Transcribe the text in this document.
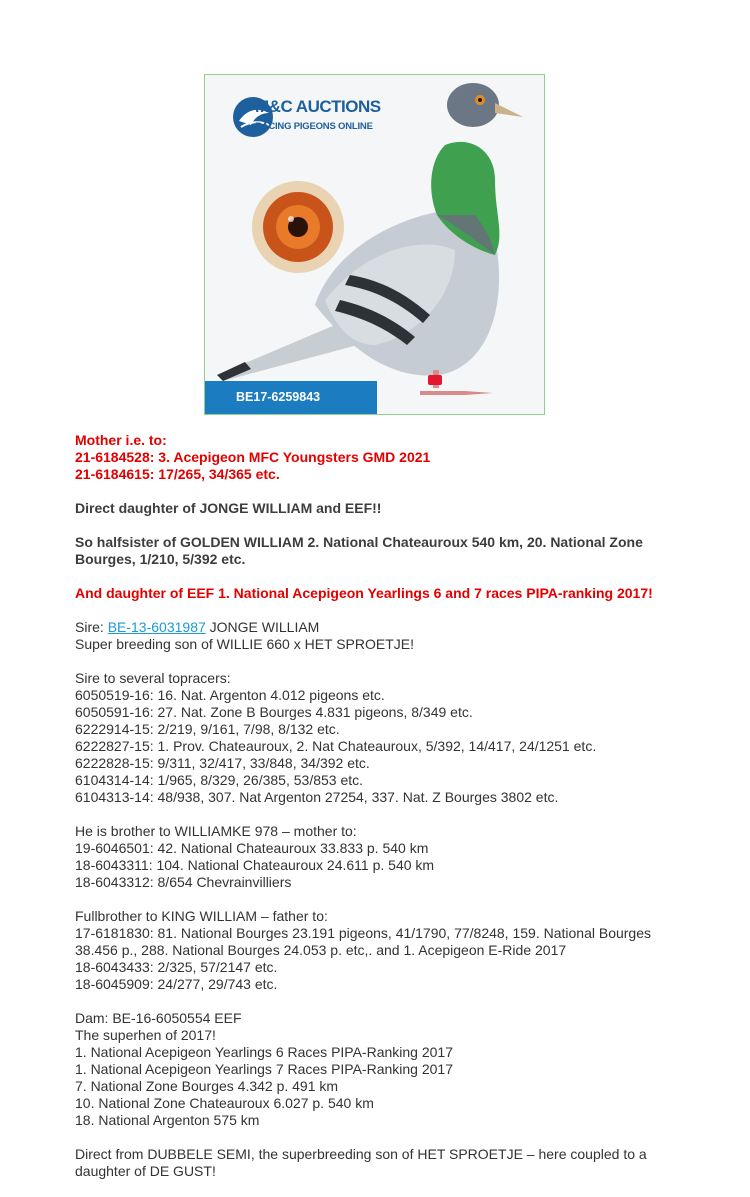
M&C AUCTIONS
RACING PIGEONS ONLINE
BE17-6259843

Mother i.e. to:

21-6184528: 3. Acepigeon MFC Youngsters GMD 2021

21-6184615: 17/265, 34/365 etc.

Direct daughter of JONGE WILLIAM and EEF!!

So halfsister of GOLDEN WILLIAM 2. National Chateauroux 540 km, 20. National Zone Bourges, 1/210, 5/392 etc.

And daughter of EEF 1. National Acepigeon Yearlings 6 and 7 races PIPA-ranking 2017!

Sire: BE-13-6031987 JONGE WILLIAM

Super breeding son of WILLIE 660 x HET SPROETJE!

Sire to several topracers:

6050519-16: 16. Nat. Argenton 4.012 pigeons etc.

6050591-16: 27. Nat. Zone B Bourges 4.831 pigeons, 8/349 etc.

6222914-15: 2/219, 9/161, 7/98, 8/132 etc.

6222827-15: 1. Prov. Chateauroux, 2. Nat Chateauroux, 5/392, 14/417, 24/1251 etc.

6222828-15: 9/311, 32/417, 33/848, 34/392 etc.

6104314-14: 1/965, 8/329, 26/385, 53/853 etc.

6104313-14: 48/938, 307. Nat Argenton 27254, 337. Nat. Z Bourges 3802 etc.

He is brother to WILLIAMKE 978 – mother to:

19-6046501: 42. National Chateauroux 33.833 p. 540 km

18-6043311: 104. National Chateauroux 24.611 p. 540 km

18-6043312: 8/654 Chevrainvilliers

Fullbrother to KING WILLIAM – father to:

17-6181830: 81. National Bourges 23.191 pigeons, 41/1790, 77/8248, 159. National Bourges 38.456 p., 288. National Bourges 24.053 p. etc,. and 1. Acepigeon E-Ride 2017

18-6043433: 2/325, 57/2147 etc.

18-6045909: 24/277, 29/743 etc.

Dam: BE-16-6050554 EEF

The superhen of 2017!

1. National Acepigeon Yearlings 6 Races PIPA-Ranking 2017

1. National Acepigeon Yearlings 7 Races PIPA-Ranking 2017

7. National Zone Bourges 4.342 p. 491 km

10. National Zone Chateauroux 6.027 p. 540 km

18. National Argenton 575 km

Direct from DUBBELE SEMI, the superbreeding son of HET SPROETJE – here coupled to a daughter of DE GUST!
